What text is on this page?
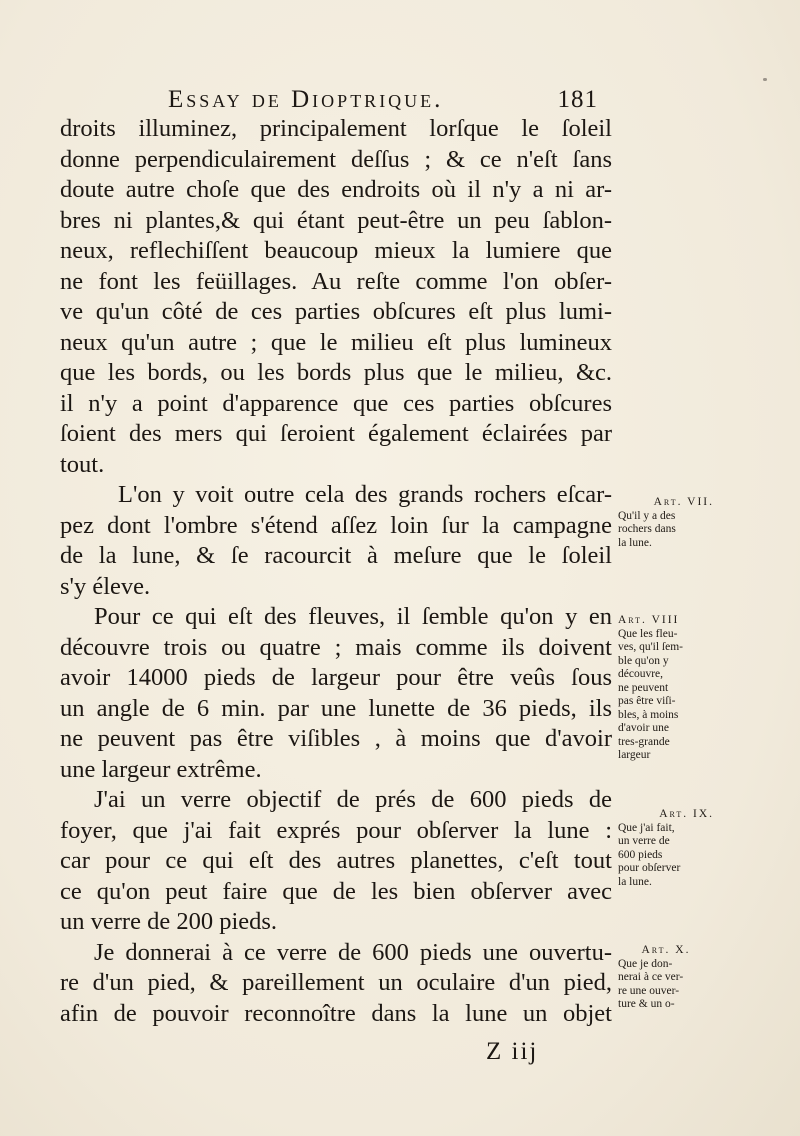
Essay de Dioptrique.	181
droits illuminez, principalement lorſque le ſoleil
donne perpendiculairement deſſus ; & ce n'eſt ſans
doute autre choſe que des endroits où il n'y a ni ar-
bres ni plantes,& qui étant peut-être un peu ſablon-
neux, reflechiſſent beaucoup mieux la lumiere que
ne font les feüillages. Au reſte comme l'on obſer-
ve qu'un côté de ces parties obſcures eſt plus lumi-
neux qu'un autre ; que le milieu eſt plus lumineux
que les bords, ou les bords plus que le milieu, &c.
il n'y a point d'apparence que ces parties obſcures
ſoient des mers qui ſeroient également éclairées par
tout.
L'on y voit outre cela des grands rochers eſcar-
pez dont l'ombre s'étend aſſez loin ſur la campagne
de la lune, & ſe racourcit à meſure que le ſoleil
s'y éleve.
Pour ce qui eſt des fleuves, il ſemble qu'on y en
découvre trois ou quatre ; mais comme ils doivent
avoir 14000 pieds de largeur pour être veûs ſous
un angle de 6 min. par une lunette de 36 pieds, ils
ne peuvent pas être viſibles , à moins que d'avoir
une largeur extrême.
J'ai un verre objectif de prés de 600 pieds de
foyer, que j'ai fait exprés pour obſerver la lune :
car pour ce qui eſt des autres planettes, c'eſt tout
ce qu'on peut faire que de les bien obſerver avec
un verre de 200 pieds.
Je donnerai à ce verre de 600 pieds une ouvertu-
re d'un pied, & pareillement un oculaire d'un pied,
afin de pouvoir reconnoître dans la lune un objet
Art. VII.
Qu'il y a des
rochers dans
la lune.
Art. VIII
Que les fleu-
ves, qu'il ſem-
ble qu'on y
découvre,
ne peuvent
pas être viſi-
bles, à moins
d'avoir une
tres-grande
largeur
Art. IX.
Que j'ai fait,
un verre de
600 pieds
pour obſerver
la lune.
Art. X.
Que je don-
nerai à ce ver-
re une ouver-
ture & un o-
Z iij
